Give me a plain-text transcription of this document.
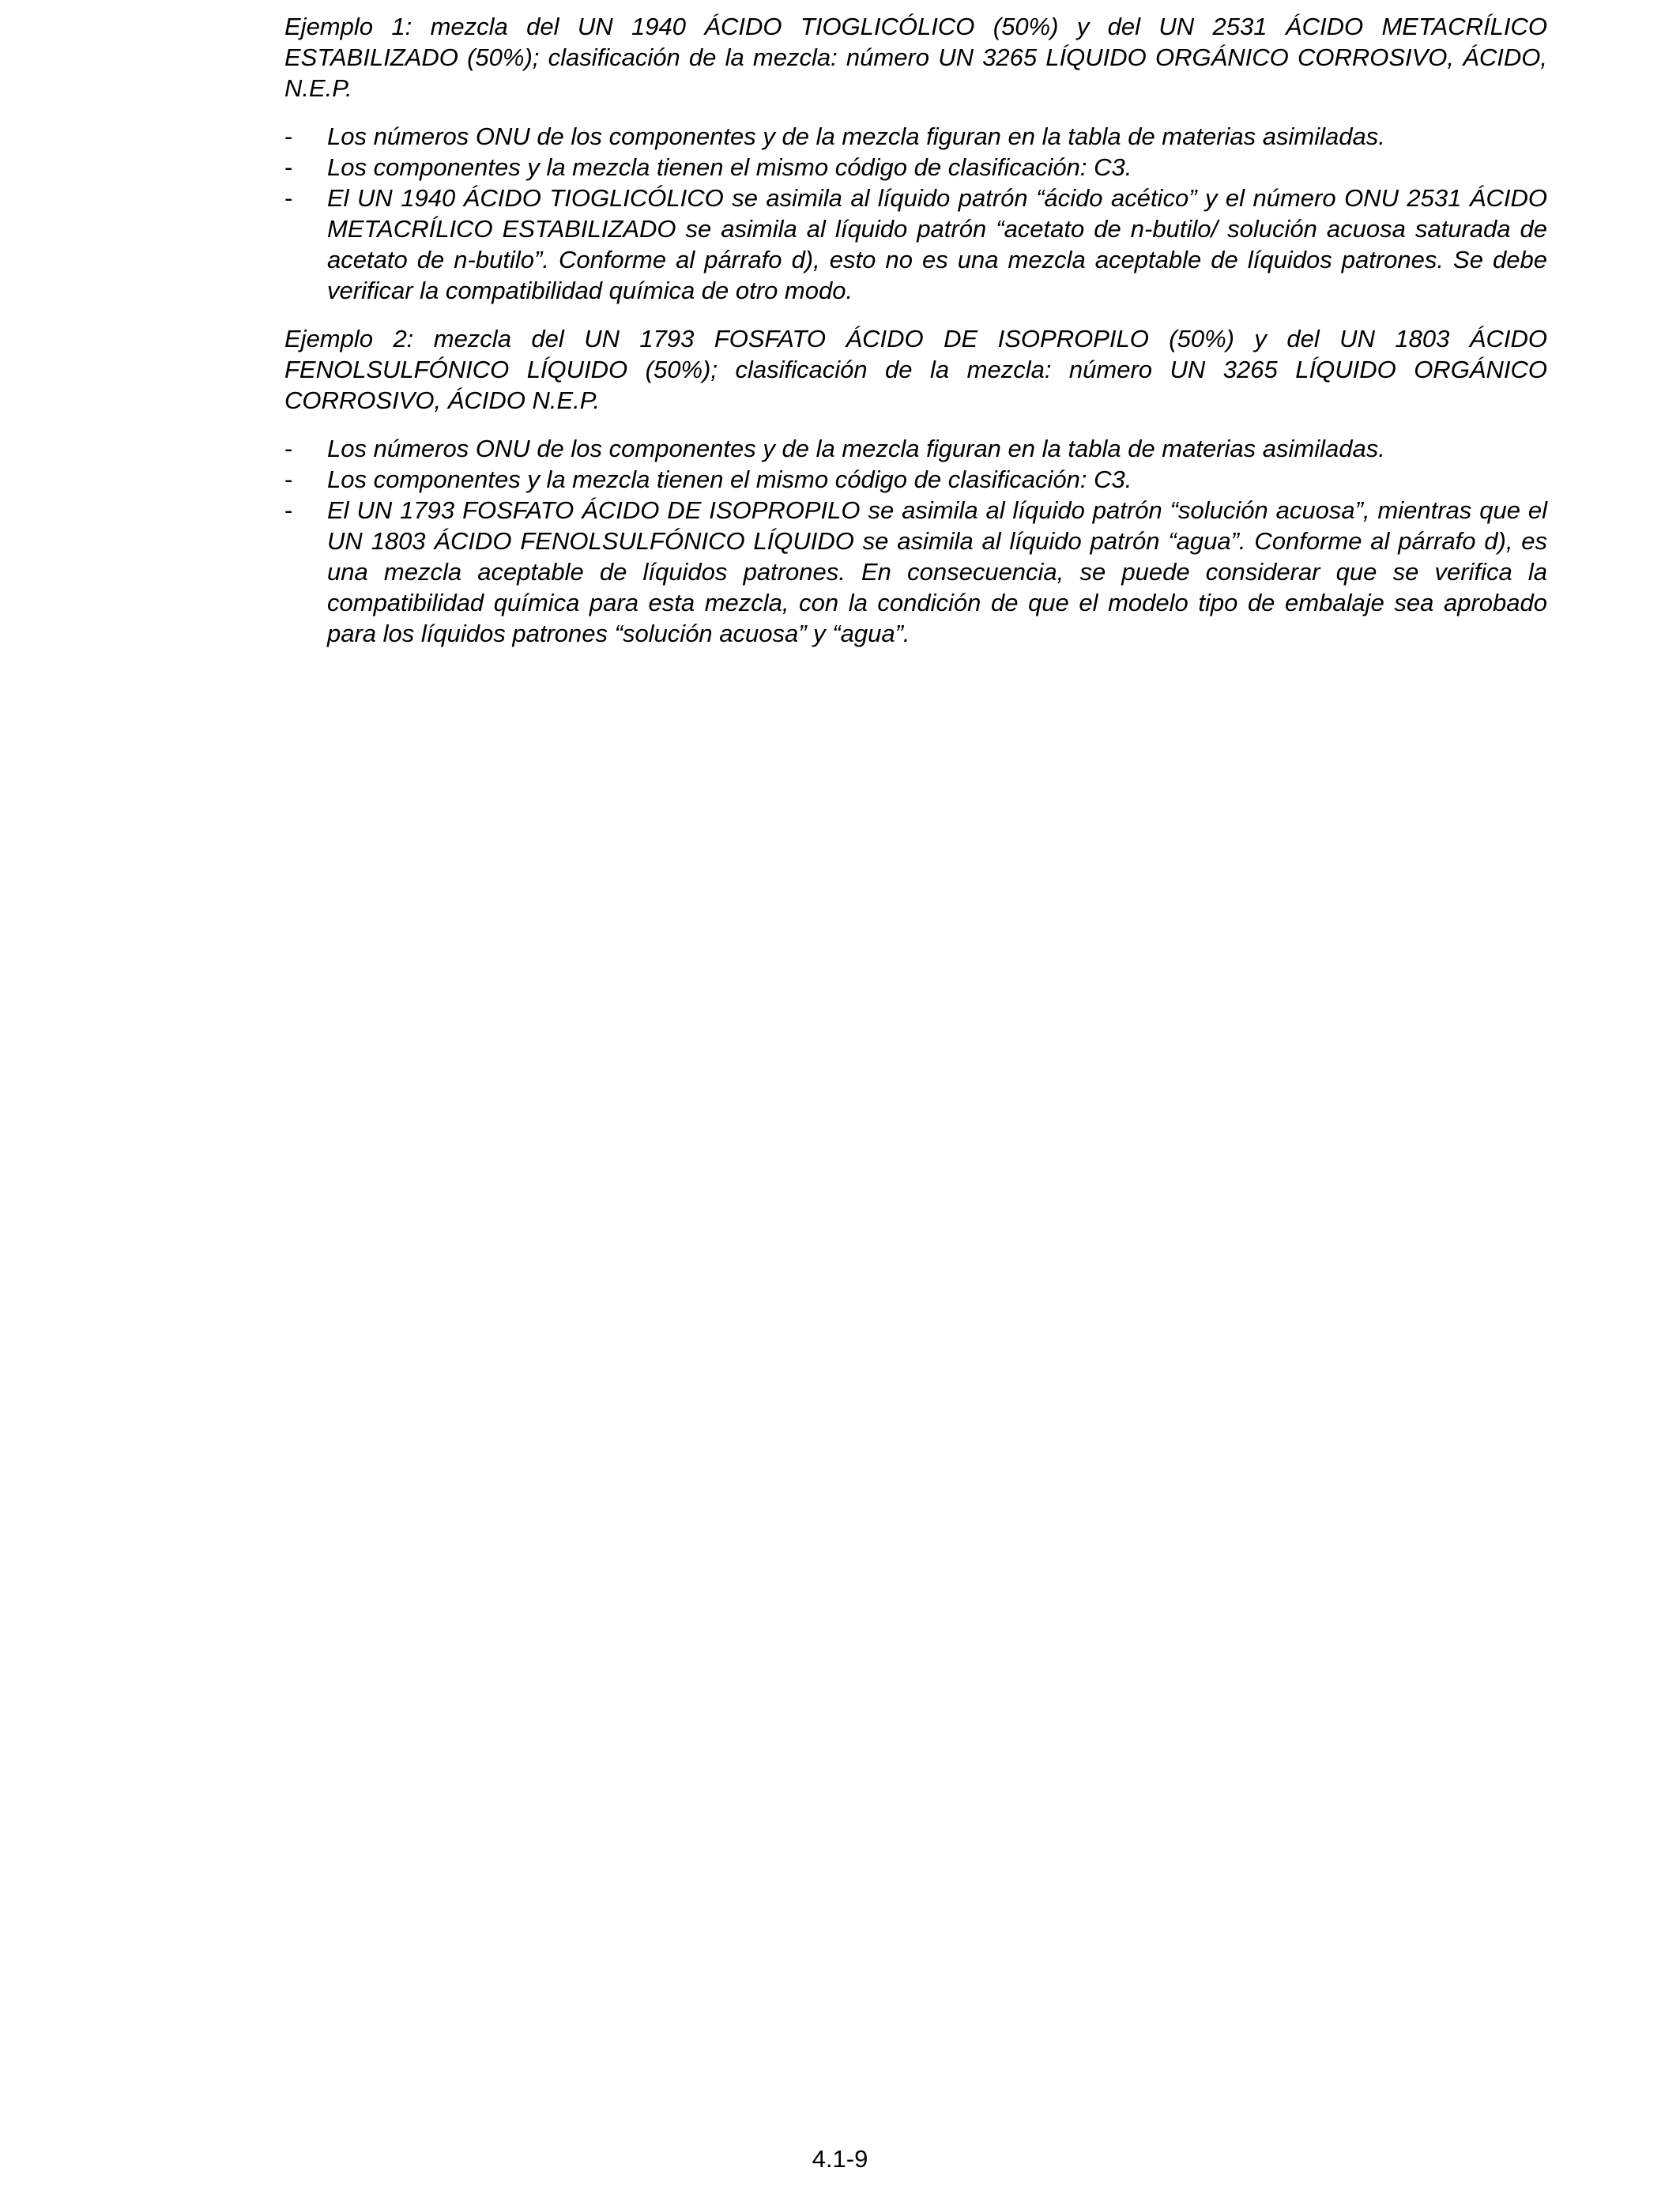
Ejemplo 1: mezcla del UN 1940 ÁCIDO TIOGLICÓLICO (50%) y del UN 2531 ÁCIDO METACRÍLICO ESTABILIZADO (50%); clasificación de la mezcla: número UN 3265 LÍQUIDO ORGÁNICO CORROSIVO, ÁCIDO, N.E.P.

-	Los números ONU de los componentes y de la mezcla figuran en la tabla de materias asimiladas.
-	Los componentes y la mezcla tienen el mismo código de clasificación: C3.
-	El UN 1940 ÁCIDO TIOGLICÓLICO se asimila al líquido patrón “ácido acético” y el número ONU 2531 ÁCIDO METACRÍLICO ESTABILIZADO se asimila al líquido patrón “acetato de n-butilo/ solución acuosa saturada de acetato de n-butilo”. Conforme al párrafo d), esto no es una mezcla aceptable de líquidos patrones. Se debe verificar la compatibilidad química de otro modo.

Ejemplo 2: mezcla del UN 1793 FOSFATO ÁCIDO DE ISOPROPILO (50%) y del UN 1803 ÁCIDO FENOLSULFÓNICO LÍQUIDO (50%); clasificación de la mezcla: número UN 3265 LÍQUIDO ORGÁNICO CORROSIVO, ÁCIDO N.E.P.

-	Los números ONU de los componentes y de la mezcla figuran en la tabla de materias asimiladas.
-	Los componentes y la mezcla tienen el mismo código de clasificación: C3.
-	El UN 1793 FOSFATO ÁCIDO DE ISOPROPILO se asimila al líquido patrón “solución acuosa”, mientras que el UN 1803 ÁCIDO FENOLSULFÓNICO LÍQUIDO se asimila al líquido patrón “agua”. Conforme al párrafo d), es una mezcla aceptable de líquidos patrones. En consecuencia, se puede considerar que se verifica la compatibilidad química para esta mezcla, con la condición de que el modelo tipo de embalaje sea aprobado para los líquidos patrones “solución acuosa” y “agua”.
4.1-9
